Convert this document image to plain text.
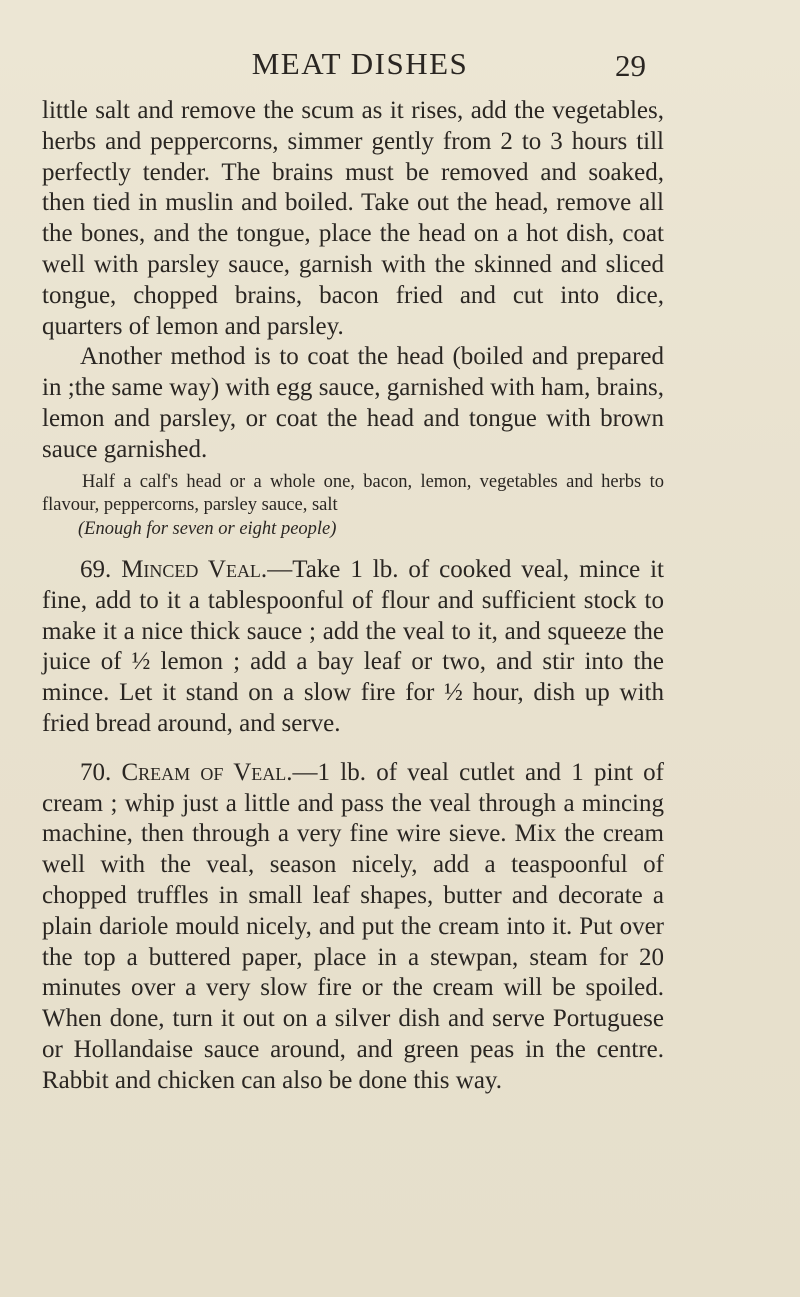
MEAT DISHES	29

little salt and remove the scum as it rises, add the vegetables, herbs and peppercorns, simmer gently from 2 to 3 hours till perfectly tender. The brains must be removed and soaked, then tied in muslin and boiled. Take out the head, remove all the bones, and the tongue, place the head on a hot dish, coat well with parsley sauce, garnish with the skinned and sliced tongue, chopped brains, bacon fried and cut into dice, quarters of lemon and parsley.

Another method is to coat the head (boiled and prepared in ;the same way) with egg sauce, garnished with ham, brains, lemon and parsley, or coat the head and tongue with brown sauce garnished.

Half a calf's head or a whole one, bacon, lemon, vegetables and herbs to flavour, peppercorns, parsley sauce, salt

(Enough for seven or eight people)

69. Minced Veal.—Take 1 lb. of cooked veal, mince it fine, add to it a tablespoonful of flour and sufficient stock to make it a nice thick sauce ; add the veal to it, and squeeze the juice of ½ lemon ; add a bay leaf or two, and stir into the mince. Let it stand on a slow fire for ½ hour, dish up with fried bread around, and serve.

70. Cream of Veal.—1 lb. of veal cutlet and 1 pint of cream ; whip just a little and pass the veal through a mincing machine, then through a very fine wire sieve. Mix the cream well with the veal, season nicely, add a teaspoonful of chopped truffles in small leaf shapes, butter and decorate a plain dariole mould nicely, and put the cream into it. Put over the top a buttered paper, place in a stewpan, steam for 20 minutes over a very slow fire or the cream will be spoiled. When done, turn it out on a silver dish and serve Portuguese or Hollandaise sauce around, and green peas in the centre. Rabbit and chicken can also be done this way.
